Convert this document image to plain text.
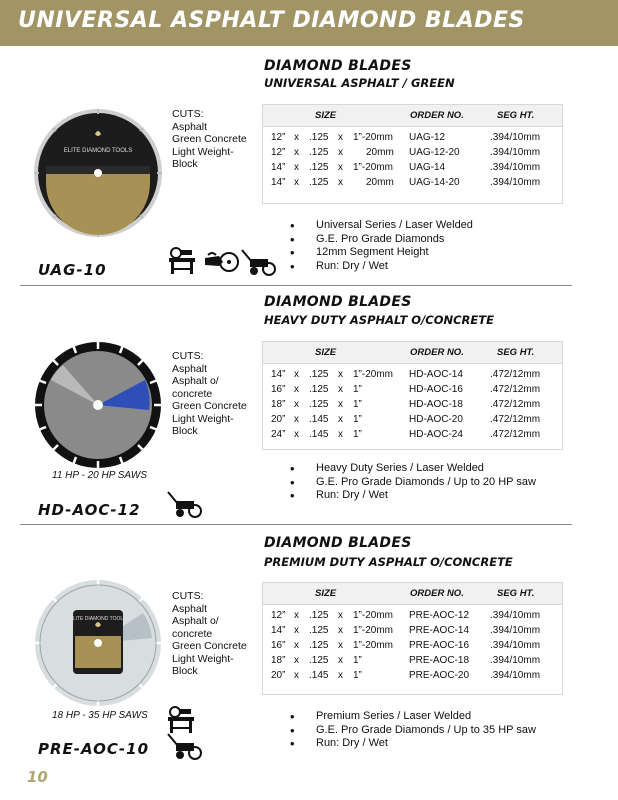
UNIVERSAL ASPHALT DIAMOND BLADES
DIAMOND BLADES
UNIVERSAL ASPHALT / GREEN
ELITE DIAMOND TOOLS
CUTS:
Asphalt
Green Concrete
Light Weight-
Block
SIZE	ORDER NO.	SEG HT.
12” x .125 x 1”-20mm UAG-12	.394/10mm
12” x .125 x 20mm UAG-12-20	.394/10mm
14” x .125 x 1”-20mm UAG-14	.394/10mm
14” x .125 x 20mm UAG-14-20	.394/10mm
• Universal Series / Laser Welded
• G.E. Pro Grade Diamonds
• 12mm Segment Height
• Run: Dry / Wet
UAG-10
DIAMOND BLADES
HEAVY DUTY ASPHALT O/CONCRETE
CUTS:
Asphalt
Asphalt o/
concrete
Green Concrete
Light Weight-
Block
SIZE	ORDER NO.	SEG HT.
14” x .125 x 1”-20mm HD-AOC-14	.472/12mm
16” x .125 x 1”	HD-AOC-16	.472/12mm
18” x .125 x 1”	HD-AOC-18	.472/12mm
20” x .145 x 1”	HD-AOC-20	.472/12mm
24” x .145 x 1”	HD-AOC-24	.472/12mm
11 HP - 20 HP SAWS
• Heavy Duty Series / Laser Welded
• G.E. Pro Grade Diamonds / Up to 20 HP saw
• Run: Dry / Wet
HD-AOC-12
DIAMOND BLADES
PREMIUM DUTY ASPHALT O/CONCRETE
ELITE DIAMOND TOOLS
CUTS:
Asphalt
Asphalt o/
concrete
Green Concrete
Light Weight-
Block
SIZE	ORDER NO.	SEG HT.
12” x .125 x 1”-20mm PRE-AOC-12 .394/10mm
14” x .125 x 1”-20mm PRE-AOC-14 .394/10mm
16” x .125 x 1”-20mm PRE-AOC-16 .394/10mm
18” x .125 x 1”	PRE-AOC-18 .394/10mm
20” x .145 x 1”	PRE-AOC-20 .394/10mm
18 HP - 35 HP SAWS
•	Premium Series / Laser Welded
• G.E. Pro Grade Diamonds / Up to 35 HP saw
• Run: Dry / Wet
PRE-AOC-10
10
